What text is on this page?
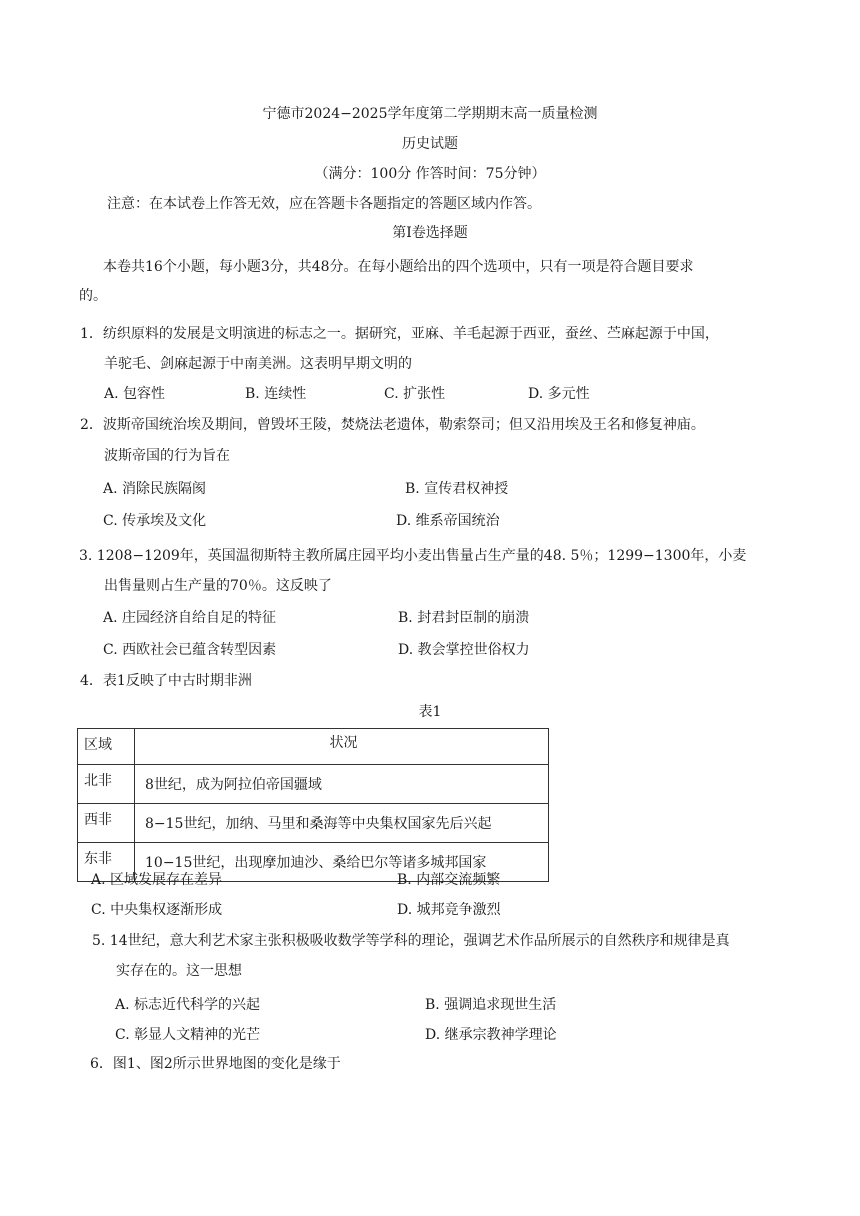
宁德市2024−2025学年度第二学期期末高一质量检测
历史试题
（满分：100分 作答时间：75分钟）
注意：在本试卷上作答无效，应在答题卡各题指定的答题区域内作答。
第I卷选择题
本卷共16个小题，每小题3分，共48分。在每小题给出的四个选项中，只有一项是符合题目要求
的。
1．纺织原料的发展是文明演进的标志之一。据研究，亚麻、羊毛起源于西亚，蚕丝、苎麻起源于中国，
羊驼毛、剑麻起源于中南美洲。这表明早期文明的
A. 包容性	B. 连续性	C. 扩张性	D. 多元性
2．波斯帝国统治埃及期间，曾毁坏王陵，焚烧法老遗体，勒索祭司；但又沿用埃及王名和修复神庙。
波斯帝国的行为旨在
A. 消除民族隔阂	B. 宣传君权神授
C. 传承埃及文化	D. 维系帝国统治
3. 1208−1209年，英国温彻斯特主教所属庄园平均小麦出售量占生产量的48. 5％；1299−1300年，小麦
出售量则占生产量的70％。这反映了
A. 庄园经济自给自足的特征	B. 封君封臣制的崩溃
C. 西欧社会已蕴含转型因素	D. 教会掌控世俗权力
4．表1反映了中古时期非洲
表1
区域	状况
北非	8世纪，成为阿拉伯帝国疆域
西非	8−15世纪，加纳、马里和桑海等中央集权国家先后兴起
东非	10−15世纪，出现摩加迪沙、桑给巴尔等诸多城邦国家
A. 区域发展存在差异	B. 内部交流频繁
C. 中央集权逐渐形成	D. 城邦竞争激烈
5. 14世纪，意大利艺术家主张积极吸收数学等学科的理论，强调艺术作品所展示的自然秩序和规律是真
实存在的。这一思想
A. 标志近代科学的兴起	B. 强调追求现世生活
C. 彰显人文精神的光芒	D. 继承宗教神学理论
6．图1、图2所示世界地图的变化是缘于
